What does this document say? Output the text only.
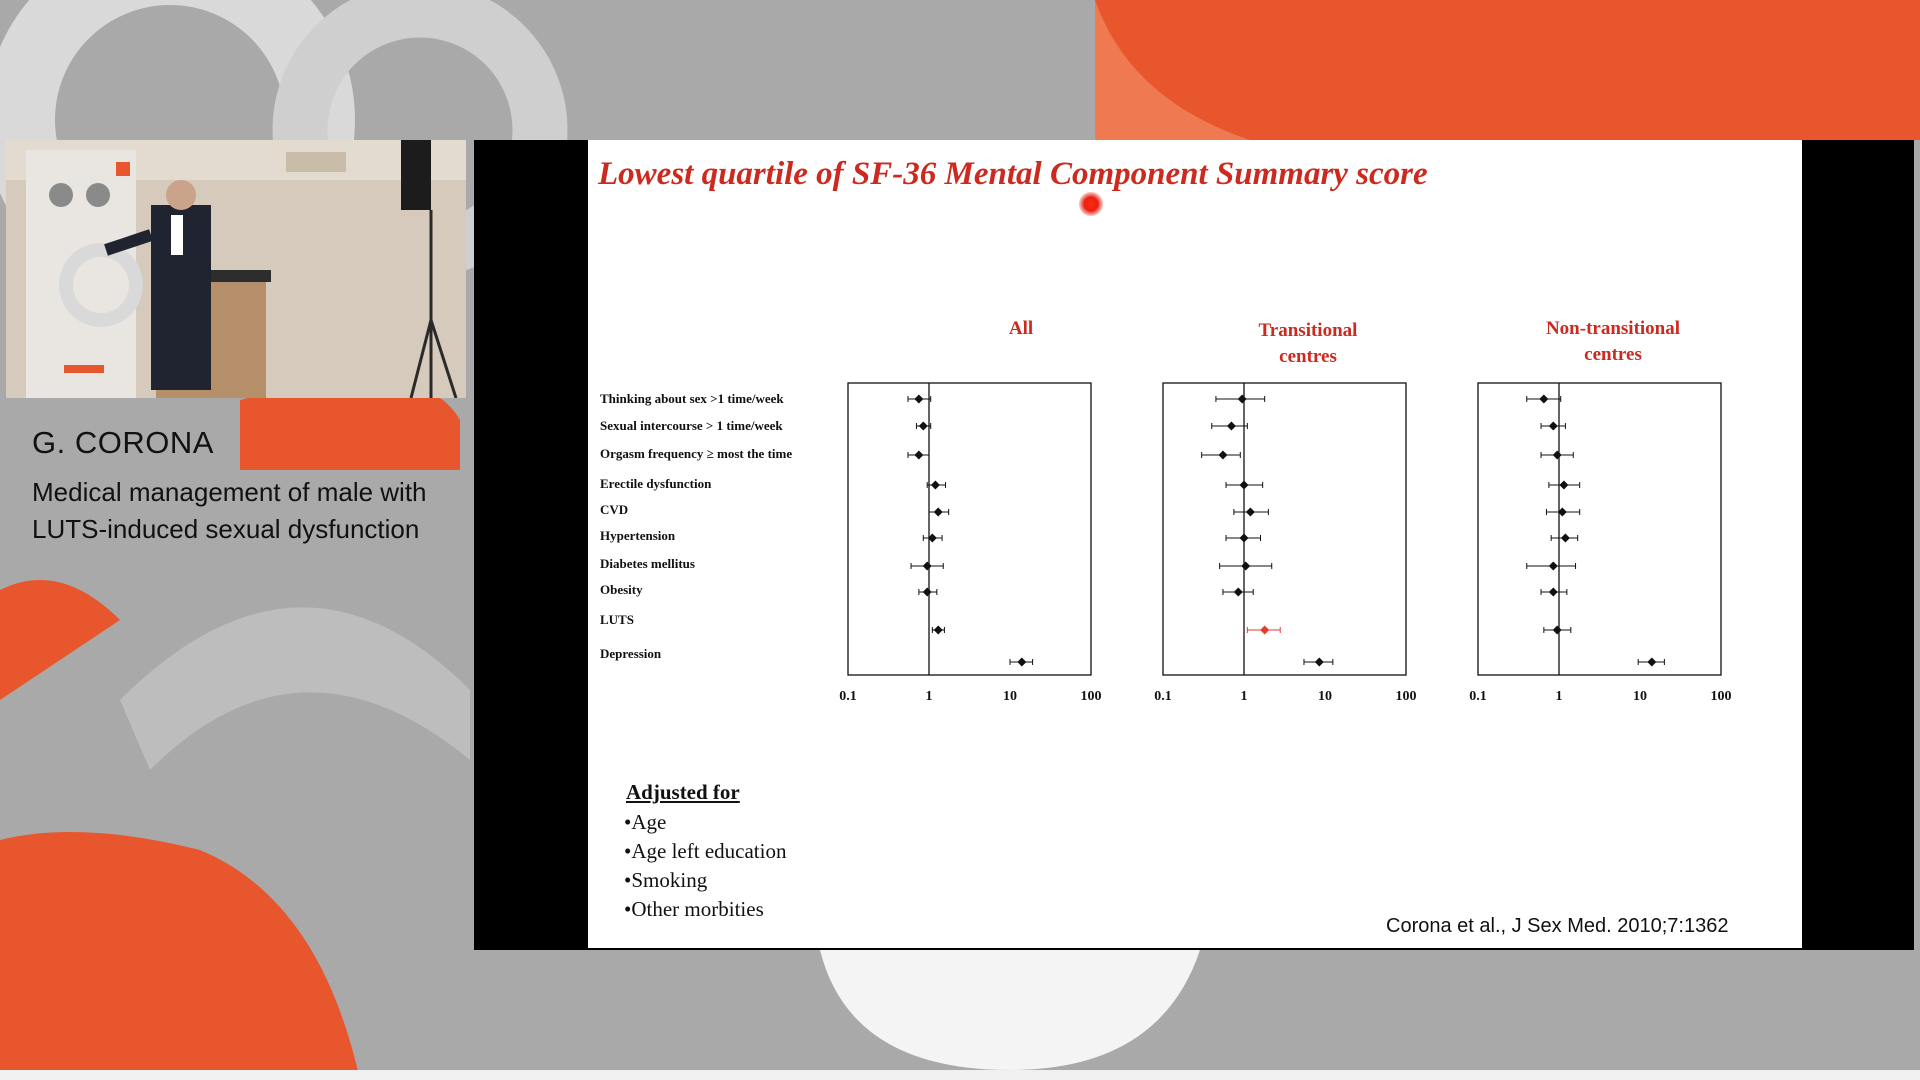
G. CORONA

Medical management of male with LUTS-induced sexual dysfunction

Lowest quartile of SF-36 Mental Component Summary score
All	Transitional centres
Non-transitional centres
Thinking about sex >1 time/week
Sexual intercourse > 1 time/week
Orgasm frequency ≥ most the time
Erectile dysfunction
CVD
Hypertension
Diabetes mellitus
Obesity
LUTS
Depression
0.1	1	10	100	0.1	1	10	100	0.1	1	10	100
Adjusted for
• Age
• Age left education
• Smoking
• Other morbities
Corona et al., J Sex Med. 2010;7:1362
